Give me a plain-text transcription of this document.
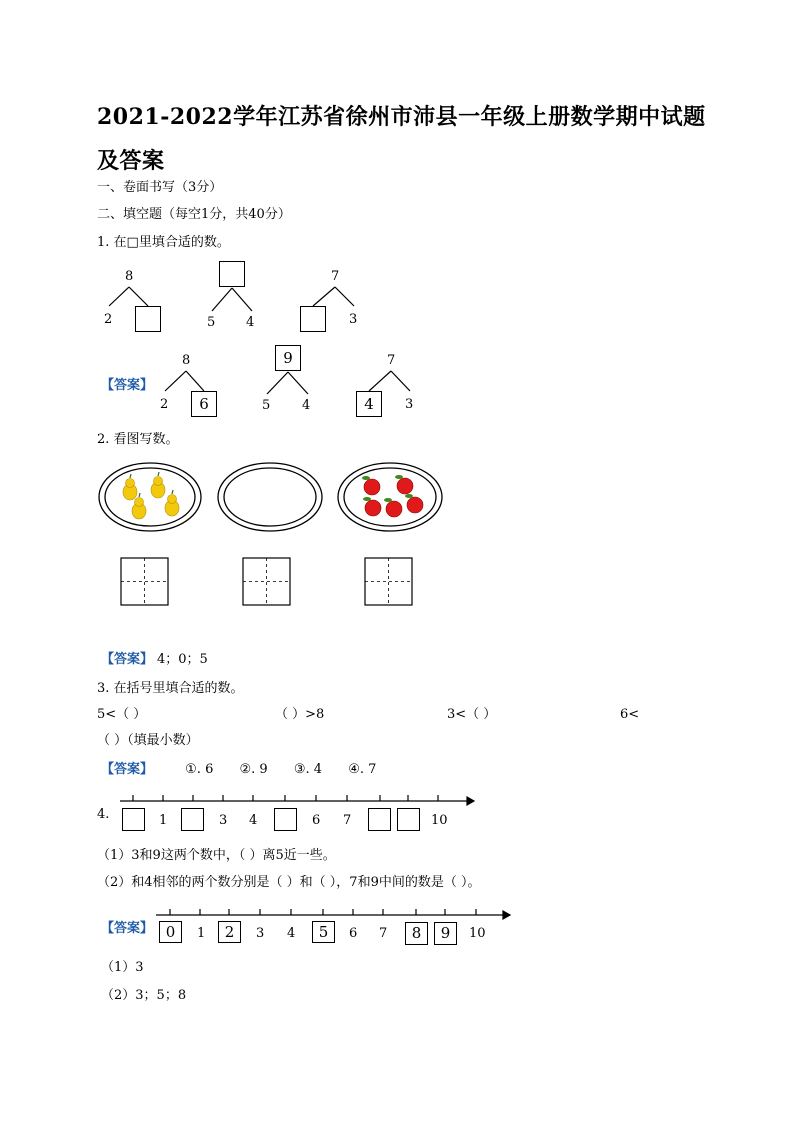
2021-2022学年江苏省徐州市沛县一年级上册数学期中试题及答案
一、卷面书写（3分）
二、填空题（每空1分，共40分）
1. 在□里填合适的数。
8
2	5 4
7
3
【答案】
8
2	6
9
5 4
7
4	3
2. 看图写数。
【答案】 4；0；5
3. 在括号里填合适的数。
5<（ ）	（ ）>8	3<（ ）	6<
（ ）（填最小数）
【答案】 ①. 6 ②. 9 ③. 4 ④. 7
4.	1	3 4	6 7	10
（1）3和9这两个数中，（ ）离5近一些。
（2）和4相邻的两个数分别是（ ）和（ ），7和9中间的数是（ ）。
【答案】 0	1	2	3 4	5	6 7	8	9	10
（1）3
（2）3；5；8
